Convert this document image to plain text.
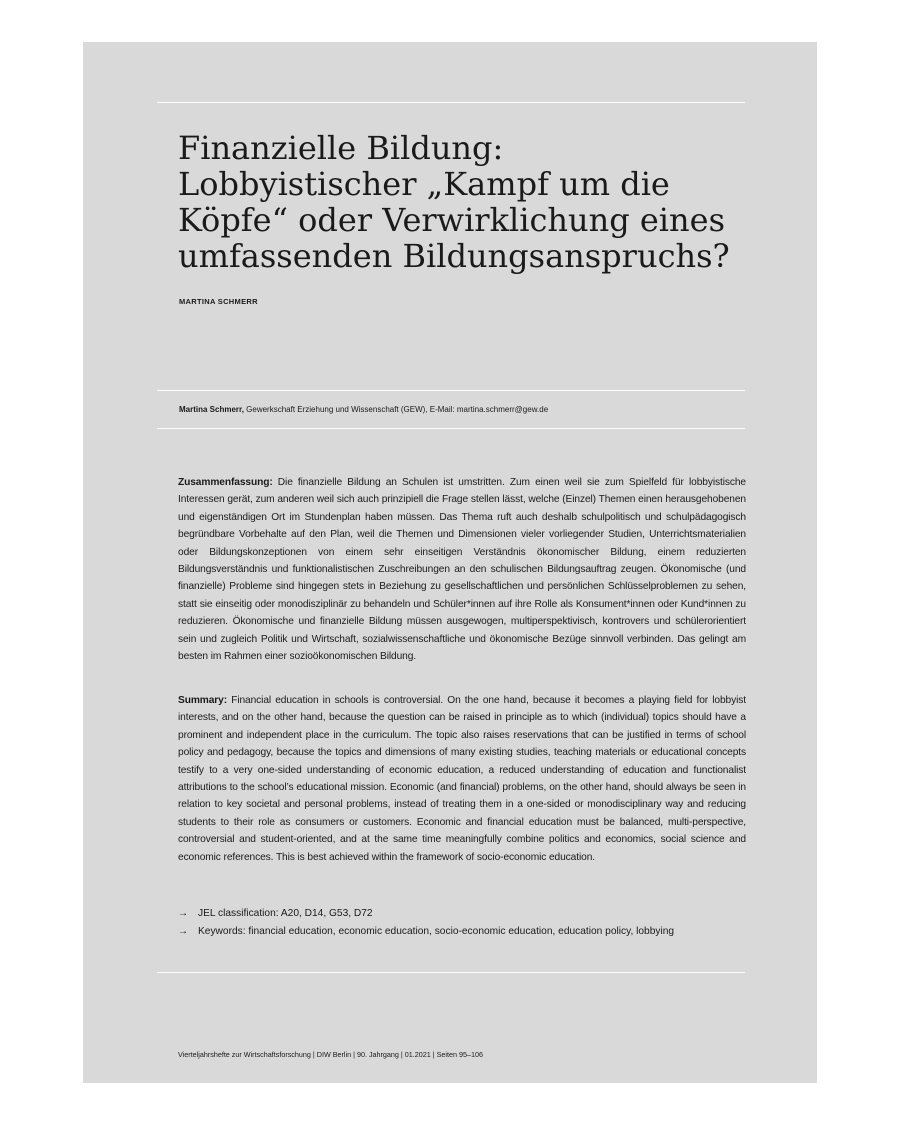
Finanzielle Bildung: Lobbyistischer „Kampf um die Köpfe“ oder Verwirklichung eines umfassenden Bildungsanspruchs?
MARTINA SCHMERR
Martina Schmerr, Gewerkschaft Erziehung und Wissenschaft (GEW), E-Mail: martina.schmerr@gew.de

Zusammenfassung: Die finanzielle Bildung an Schulen ist umstritten. Zum einen weil sie zum Spielfeld für lobbyistische Interessen gerät, zum anderen weil sich auch prinzipiell die Frage stellen lässt, welche (Einzel) Themen einen herausgehobenen und eigenständigen Ort im Stundenplan haben müssen. Das Thema ruft auch deshalb schulpolitisch und schulpädagogisch begründbare Vorbehalte auf den Plan, weil die Themen und Dimensionen vieler vorliegender Studien, Unterrichtsmaterialien oder Bildungskonzeptionen von einem sehr einseitigen Verständnis ökonomischer Bildung, einem reduzierten Bildungsverständnis und funktionalistischen Zuschreibungen an den schulischen Bildungsauftrag zeugen. Ökonomische (und finanzielle) Probleme sind hingegen stets in Beziehung zu gesellschaftlichen und persönlichen Schlüsselproblemen zu sehen, statt sie einseitig oder monodisziplinär zu behandeln und Schüler*innen auf ihre Rolle als Konsument*innen oder Kund*innen zu reduzieren. Ökonomische und finanzielle Bildung müssen ausgewogen, multiperspektivisch, kontrovers und schülerorientiert sein und zugleich Politik und Wirtschaft, sozialwissenschaftliche und ökonomische Bezüge sinnvoll verbinden. Das gelingt am besten im Rahmen einer sozioökonomischen Bildung.

Summary: Financial education in schools is controversial. On the one hand, because it becomes a playing field for lobbyist interests, and on the other hand, because the question can be raised in principle as to which (individual) topics should have a prominent and independent place in the curriculum. The topic also raises reservations that can be justified in terms of school policy and pedagogy, because the topics and dimensions of many existing studies, teaching materials or educational concepts testify to a very one-sided understanding of economic education, a reduced understanding of education and functionalist attributions to the school’s educational mission. Economic (and financial) problems, on the other hand, should always be seen in relation to key societal and personal problems, instead of treating them in a one-sided or monodisciplinary way and reducing students to their role as consumers or customers. Economic and financial education must be balanced, multi-perspective, controversial and student-oriented, and at the same time meaningfully combine politics and economics, social science and economic references. This is best achieved within the framework of socio-economic education.

→ JEL classification: A20, D14, G53, D72
→ Keywords: financial education, economic education, socio-economic education, education policy, lobbying
Vierteljahrshefte zur Wirtschaftsforschung | DIW Berlin | 90. Jahrgang | 01.2021 | Seiten 95–106
